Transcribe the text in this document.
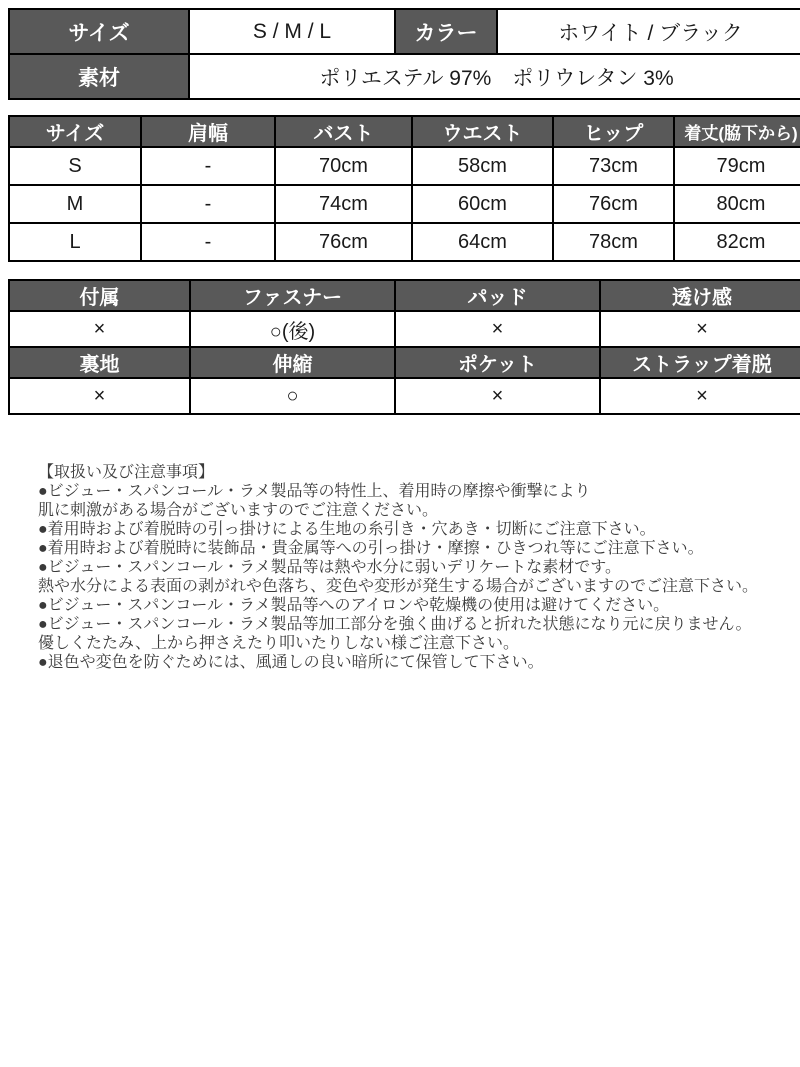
サイズ	S / M / L	カラー	ホワイト / ブラック
素材	ポリエステル 97%　ポリウレタン 3%		
サイズ	肩幅	バスト	ウエスト	ヒップ	着丈(脇下から)
S	-	70cm	58cm	73cm	79cm
M	-	74cm	60cm	76cm	80cm
L	-	76cm	64cm	78cm	82cm
付属	ファスナー	パッド	透け感
×	○(後)	×	×
裏地	伸縮	ポケット	ストラップ着脱
×	○	×	×
【取扱い及び注意事項】
●ビジュー・スパンコール・ラメ製品等の特性上、着用時の摩擦や衝撃により
肌に刺激がある場合がございますのでご注意ください。
●着用時および着脱時の引っ掛けによる生地の糸引き・穴あき・切断にご注意下さい。
●着用時および着脱時に装飾品・貴金属等への引っ掛け・摩擦・ひきつれ等にご注意下さい。
●ビジュー・スパンコール・ラメ製品等は熱や水分に弱いデリケートな素材です。
熱や水分による表面の剥がれや色落ち、変色や変形が発生する場合がございますのでご注意下さい。
●ビジュー・スパンコール・ラメ製品等へのアイロンや乾燥機の使用は避けてください。
●ビジュー・スパンコール・ラメ製品等加工部分を強く曲げると折れた状態になり元に戻りません。
優しくたたみ、上から押さえたり叩いたりしない様ご注意下さい。
●退色や変色を防ぐためには、風通しの良い暗所にて保管して下さい。
